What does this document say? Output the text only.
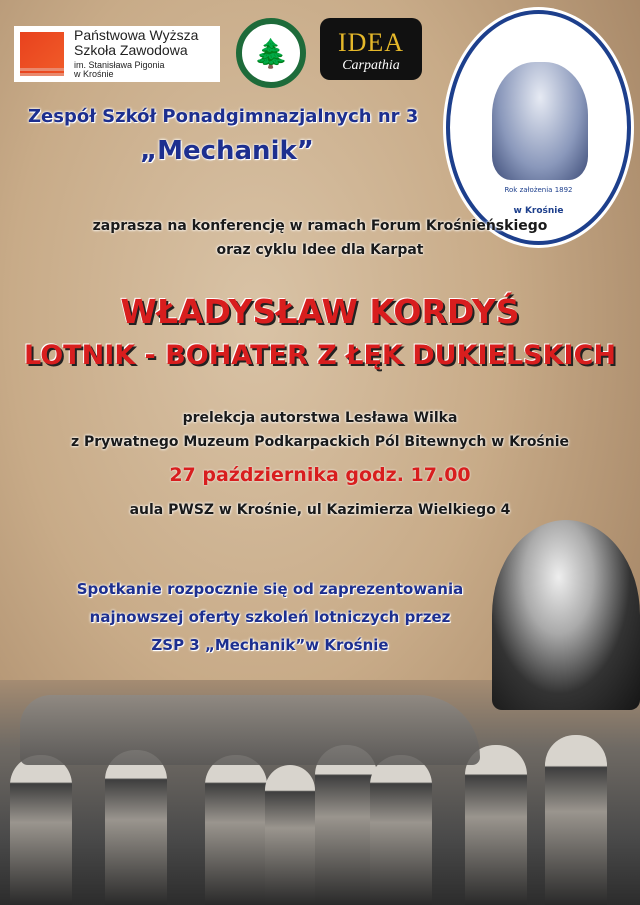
Państwowa Wyższa
Szkoła Zawodowa
im. Stanisława Pigonia
w Krośnie
🌲	IDEA
Carpathia
Rok założenia 1892
w Krośnie
Zespół Szkół Ponadgimnazjalnych nr 3
„Mechanik”
zaprasza na konferencję w ramach Forum Krośnieńskiego
oraz cyklu Idee dla Karpat
WŁADYSŁAW KORDYŚ
LOTNIK - BOHATER Z ŁĘK DUKIELSKICH
prelekcja autorstwa Lesława Wilka
z Prywatnego Muzeum Podkarpackich Pól Bitewnych w Krośnie
27 października godz. 17.00
aula PWSZ w Krośnie, ul Kazimierza Wielkiego 4
Spotkanie rozpocznie się od zaprezentowania
najnowszej oferty szkoleń lotniczych przez
ZSP 3 „Mechanik”w Krośnie
